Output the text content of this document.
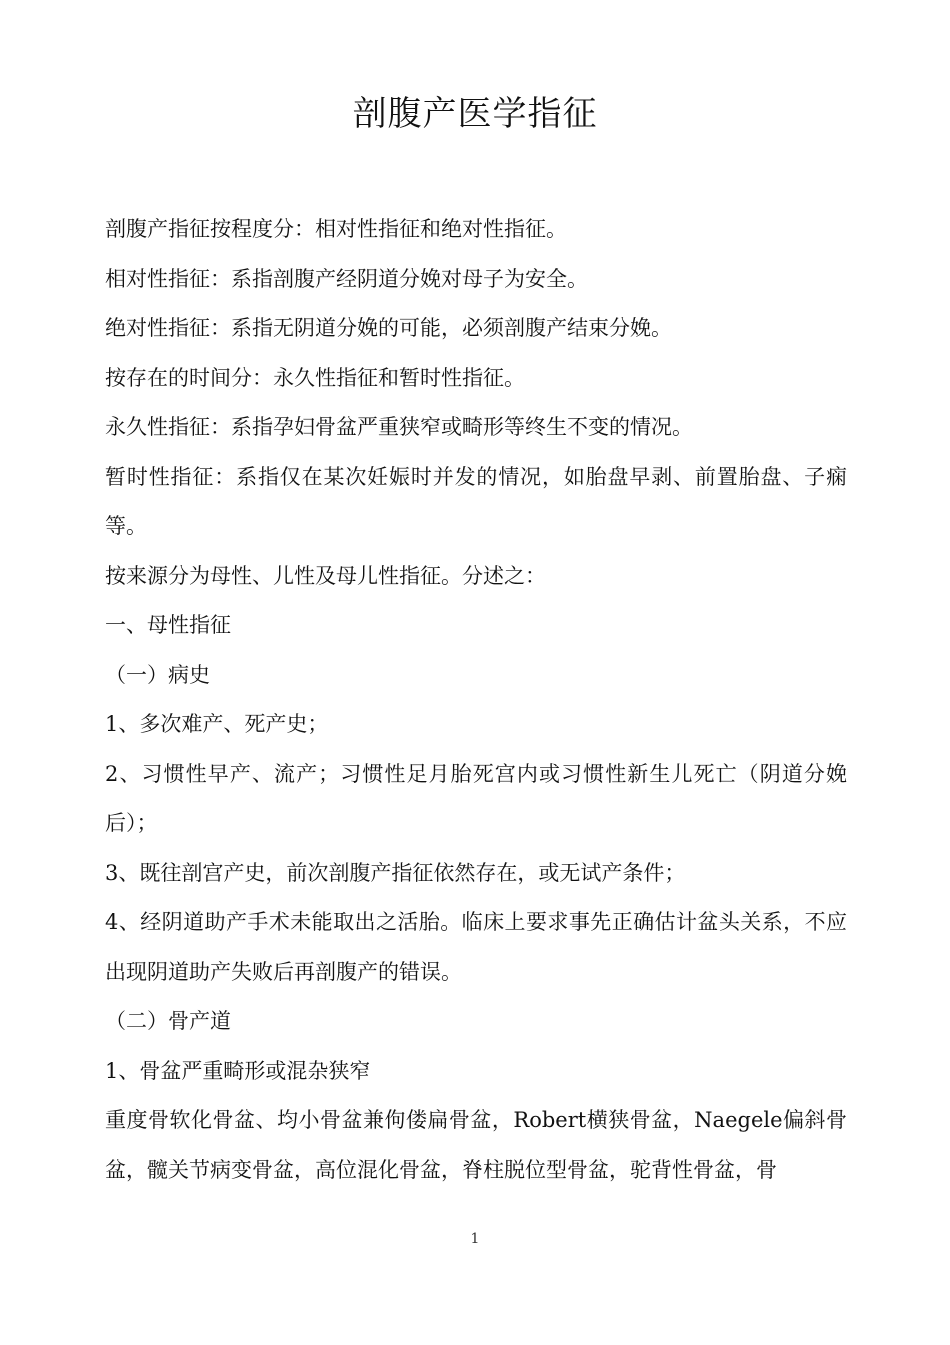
剖腹产医学指征

剖腹产指征按程度分：相对性指征和绝对性指征。

相对性指征：系指剖腹产经阴道分娩对母子为安全。

绝对性指征：系指无阴道分娩的可能，必须剖腹产结束分娩。

按存在的时间分：永久性指征和暂时性指征。

永久性指征：系指孕妇骨盆严重狭窄或畸形等终生不变的情况。

暂时性指征：系指仅在某次妊娠时并发的情况，如胎盘早剥、前置胎盘、子痫等。

按来源分为母性、儿性及母儿性指征。分述之：

一、母性指征

（一）病史

1、多次难产、死产史；

2、习惯性早产、流产；习惯性足月胎死宫内或习惯性新生儿死亡（阴道分娩后）；

3、既往剖宫产史，前次剖腹产指征依然存在，或无试产条件；

4、经阴道助产手术未能取出之活胎。临床上要求事先正确估计盆头关系，不应出现阴道助产失败后再剖腹产的错误。

（二）骨产道

1、骨盆严重畸形或混杂狭窄

重度骨软化骨盆、均小骨盆兼佝偻扁骨盆，Robert横狭骨盆，Naegele偏斜骨盆，髋关节病变骨盆，高位混化骨盆，脊柱脱位型骨盆，驼背性骨盆，骨

1
